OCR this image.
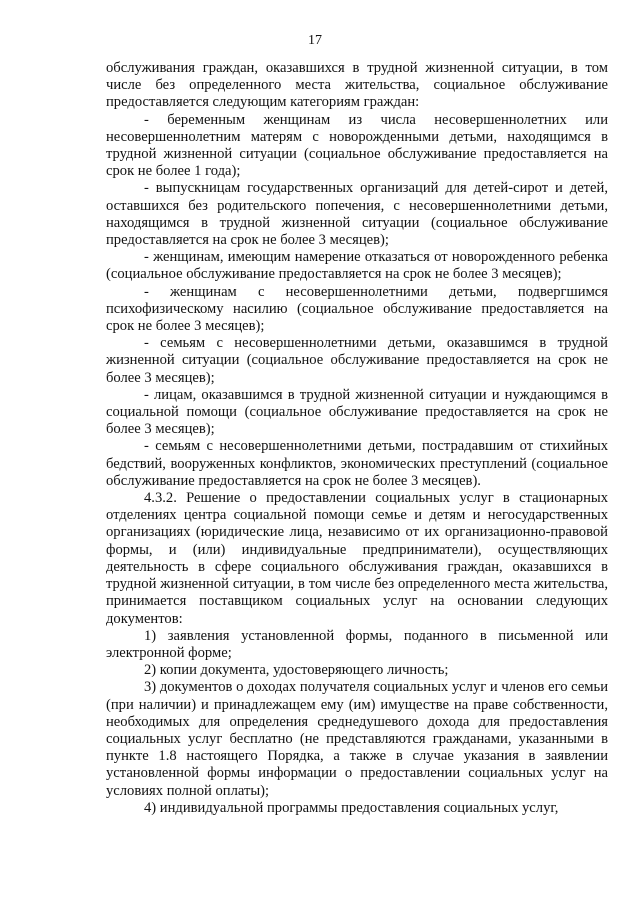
17

обслуживания граждан, оказавшихся в трудной жизненной ситуации, в том числе без определенного места жительства, социальное обслуживание предоставляется следующим категориям граждан:

- беременным женщинам из числа несовершеннолетних или несовершеннолетним матерям с новорожденными детьми, находящимся в трудной жизненной ситуации (социальное обслуживание предоставляется на срок не более 1 года);

- выпускницам государственных организаций для детей-сирот и детей, оставшихся без родительского попечения, с несовершеннолетними детьми, находящимся в трудной жизненной ситуации (социальное обслуживание предоставляется на срок не более 3 месяцев);

- женщинам, имеющим намерение отказаться от новорожденного ребенка (социальное обслуживание предоставляется на срок не более 3 месяцев);

- женщинам с несовершеннолетними детьми, подвергшимся психофизическому насилию (социальное обслуживание предоставляется на срок не более 3 месяцев);

- семьям с несовершеннолетними детьми, оказавшимся в трудной жизненной ситуации (социальное обслуживание предоставляется на срок не более 3 месяцев);

- лицам, оказавшимся в трудной жизненной ситуации и нуждающимся в социальной помощи (социальное обслуживание предоставляется на срок не более 3 месяцев);

- семьям с несовершеннолетними детьми, пострадавшим от стихийных бедствий, вооруженных конфликтов, экономических преступлений (социальное обслуживание предоставляется на срок не более 3 месяцев).

4.3.2. Решение о предоставлении социальных услуг в стационарных отделениях центра социальной помощи семье и детям и негосударственных организациях (юридические лица, независимо от их организационно-правовой формы, и (или) индивидуальные предприниматели), осуществляющих деятельность в сфере социального обслуживания граждан, оказавшихся в трудной жизненной ситуации, в том числе без определенного места жительства, принимается поставщиком социальных услуг на основании следующих документов:

1) заявления установленной формы, поданного в письменной или электронной форме;

2) копии документа, удостоверяющего личность;

3) документов о доходах получателя социальных услуг и членов его семьи (при наличии) и принадлежащем ему (им) имуществе на праве собственности, необходимых для определения среднедушевого дохода для предоставления социальных услуг бесплатно (не представляются гражданами, указанными в пункте 1.8 настоящего Порядка, а также в случае указания в заявлении установленной формы информации о предоставлении социальных услуг на условиях полной оплаты);

4) индивидуальной программы предоставления социальных услуг,
